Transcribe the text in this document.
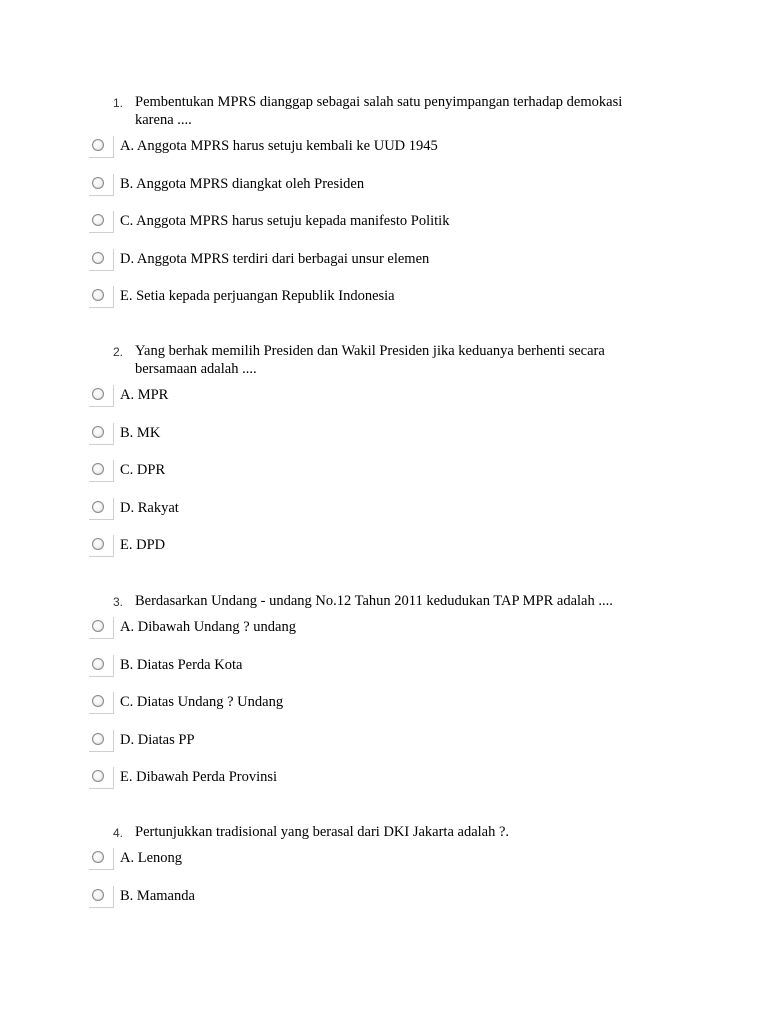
1. Pembentukan MPRS dianggap sebagai salah satu penyimpangan terhadap demokasi karena ....
A. Anggota MPRS harus setuju kembali ke UUD 1945
B. Anggota MPRS diangkat oleh Presiden
C. Anggota MPRS harus setuju kepada manifesto Politik
D. Anggota MPRS terdiri dari berbagai unsur elemen
E. Setia kepada perjuangan Republik Indonesia
2. Yang berhak memilih Presiden dan Wakil Presiden jika keduanya berhenti secara bersamaan adalah ....
A. MPR
B. MK
C. DPR
D. Rakyat
E. DPD
3. Berdasarkan Undang - undang No.12 Tahun 2011 kedudukan TAP MPR adalah ....
A. Dibawah Undang ? undang
B. Diatas Perda Kota
C. Diatas Undang ? Undang
D. Diatas PP
E. Dibawah Perda Provinsi
4. Pertunjukkan tradisional yang berasal dari DKI Jakarta adalah ?.
A. Lenong
B. Mamanda
